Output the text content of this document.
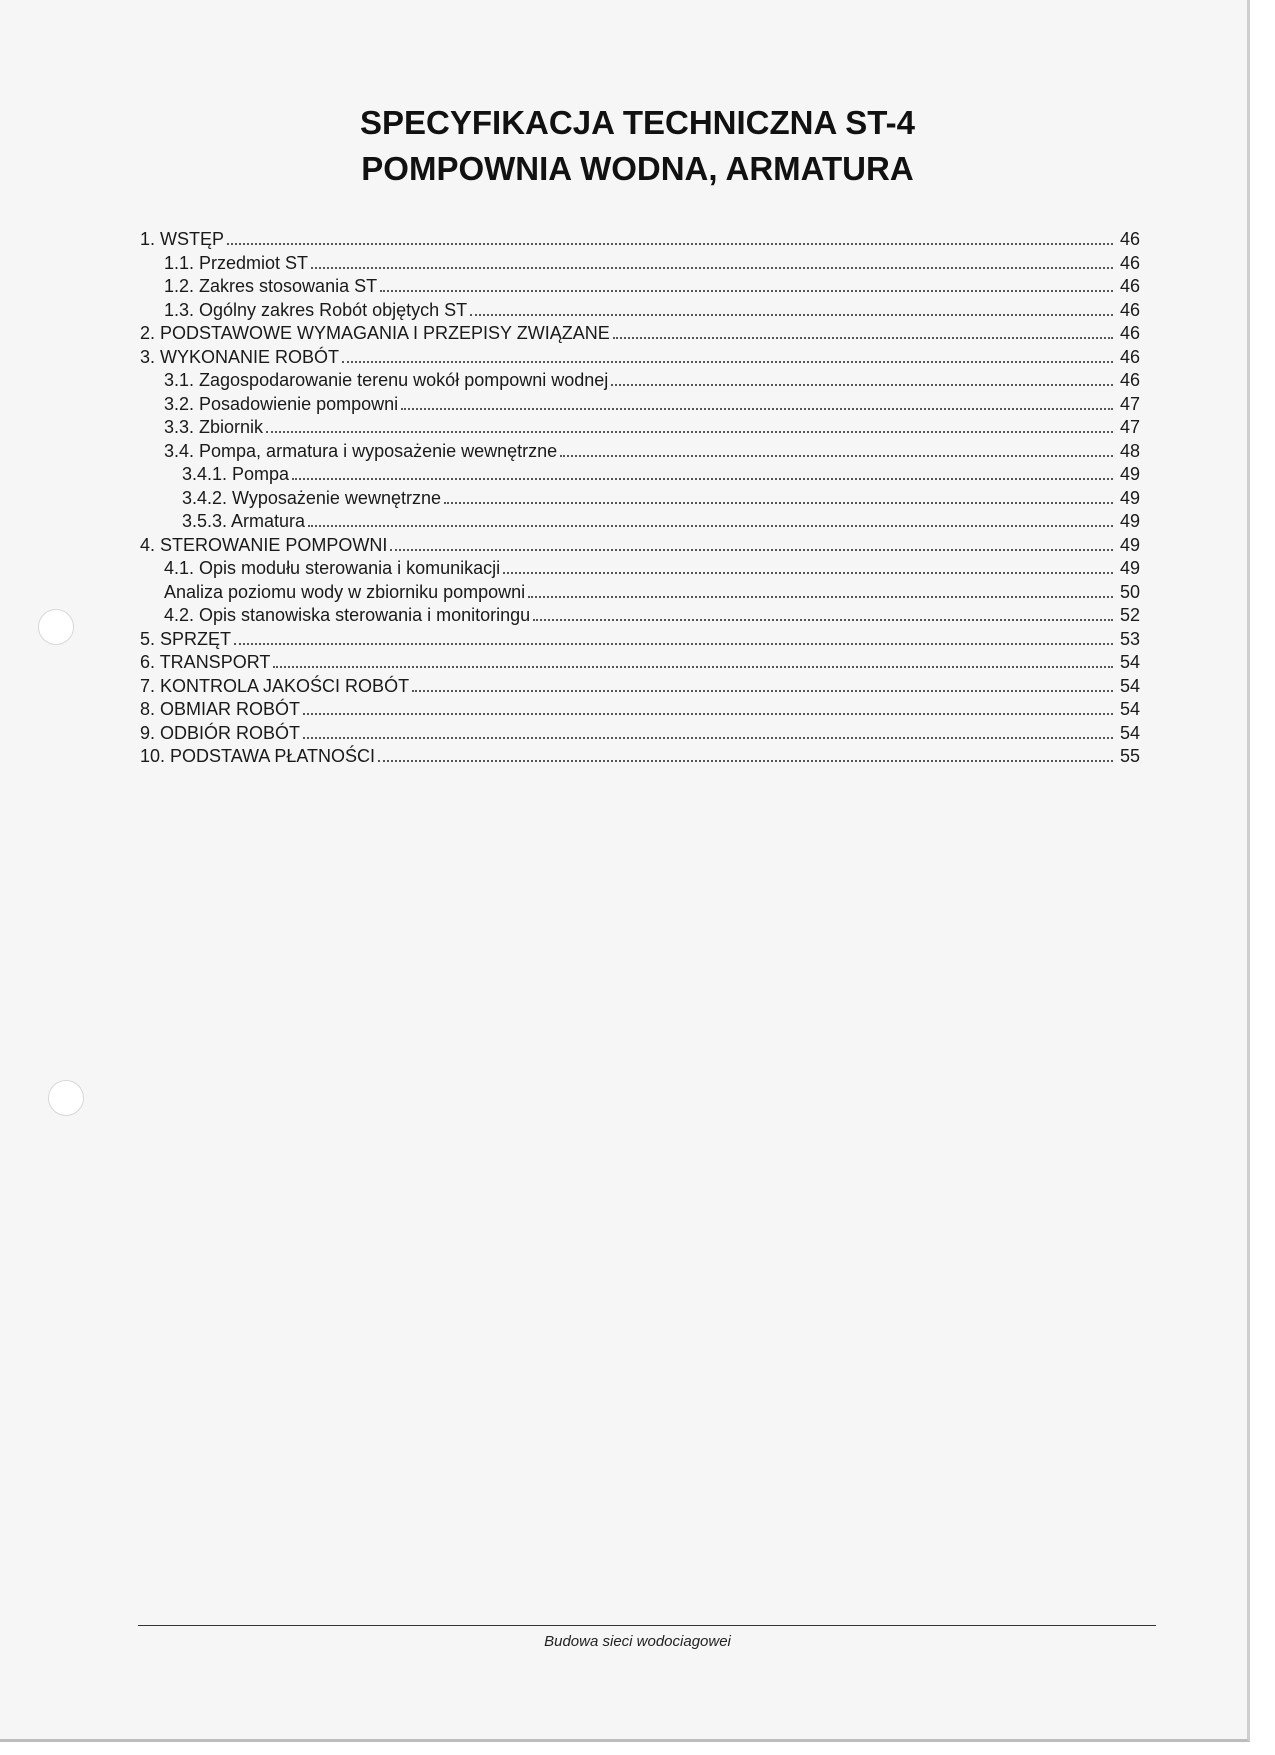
SPECYFIKACJA TECHNICZNA ST-4
POMPOWNIA WODNA, ARMATURA
1. WSTĘP	46
1.1. Przedmiot ST	46
1.2. Zakres stosowania ST	46
1.3. Ogólny zakres Robót objętych ST	46
2. PODSTAWOWE WYMAGANIA I PRZEPISY ZWIĄZANE	46
3. WYKONANIE ROBÓT	46
3.1. Zagospodarowanie terenu wokół pompowni wodnej	46
3.2. Posadowienie pompowni	47
3.3. Zbiornik	47
3.4. Pompa, armatura i wyposażenie wewnętrzne	48
3.4.1. Pompa	49
3.4.2. Wyposażenie wewnętrzne	49
3.5.3. Armatura	49
4. STEROWANIE POMPOWNI	49
4.1. Opis modułu sterowania i komunikacji	49
Analiza poziomu wody w zbiorniku pompowni	50
4.2. Opis stanowiska sterowania i monitoringu	52
5. SPRZĘT	53
6. TRANSPORT	54
7. KONTROLA JAKOŚCI ROBÓT	54
8. OBMIAR ROBÓT	54
9. ODBIÓR ROBÓT	54
10. PODSTAWA PŁATNOŚCI	55
Budowa sieci wodociagowei
